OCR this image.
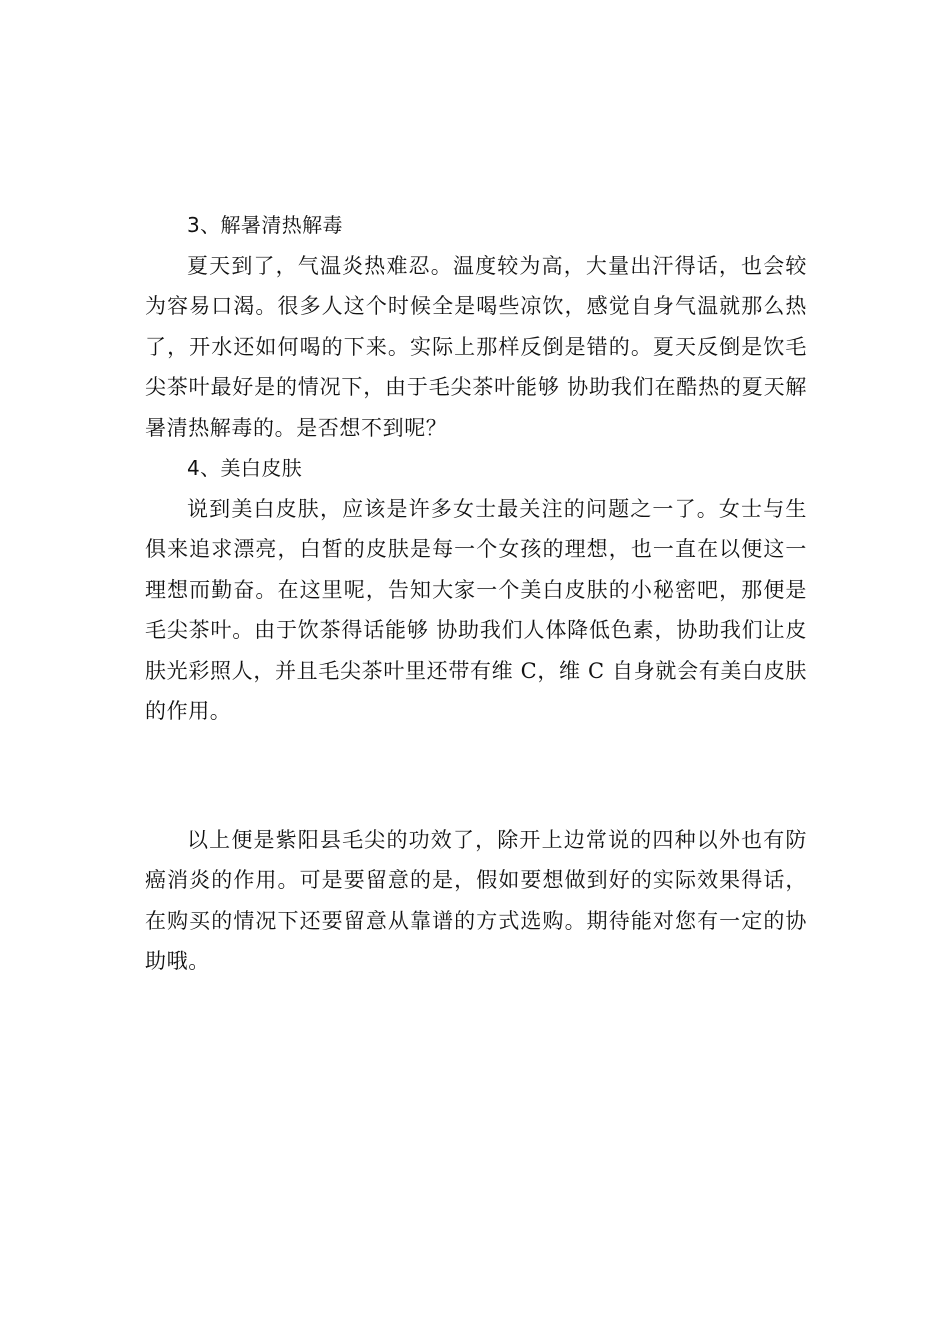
3、解暑清热解毒

夏天到了，气温炎热难忍。温度较为高，大量出汗得话，也会较为容易口渴。很多人这个时候全是喝些凉饮，感觉自身气温就那么热了，开水还如何喝的下来。实际上那样反倒是错的。夏天反倒是饮毛尖茶叶最好是的情况下，由于毛尖茶叶能够 协助我们在酷热的夏天解暑清热解毒的。是否想不到呢？

4、美白皮肤

说到美白皮肤，应该是许多女士最关注的问题之一了。女士与生俱来追求漂亮，白皙的皮肤是每一个女孩的理想，也一直在以便这一理想而勤奋。在这里呢，告知大家一个美白皮肤的小秘密吧，那便是毛尖茶叶。由于饮茶得话能够 协助我们人体降低色素，协助我们让皮肤光彩照人，并且毛尖茶叶里还带有维 C，维 C 自身就会有美白皮肤的作用。

以上便是紫阳县毛尖的功效了，除开上边常说的四种以外也有防癌消炎的作用。可是要留意的是，假如要想做到好的实际效果得话，在购买的情况下还要留意从靠谱的方式选购。期待能对您有一定的协助哦。
